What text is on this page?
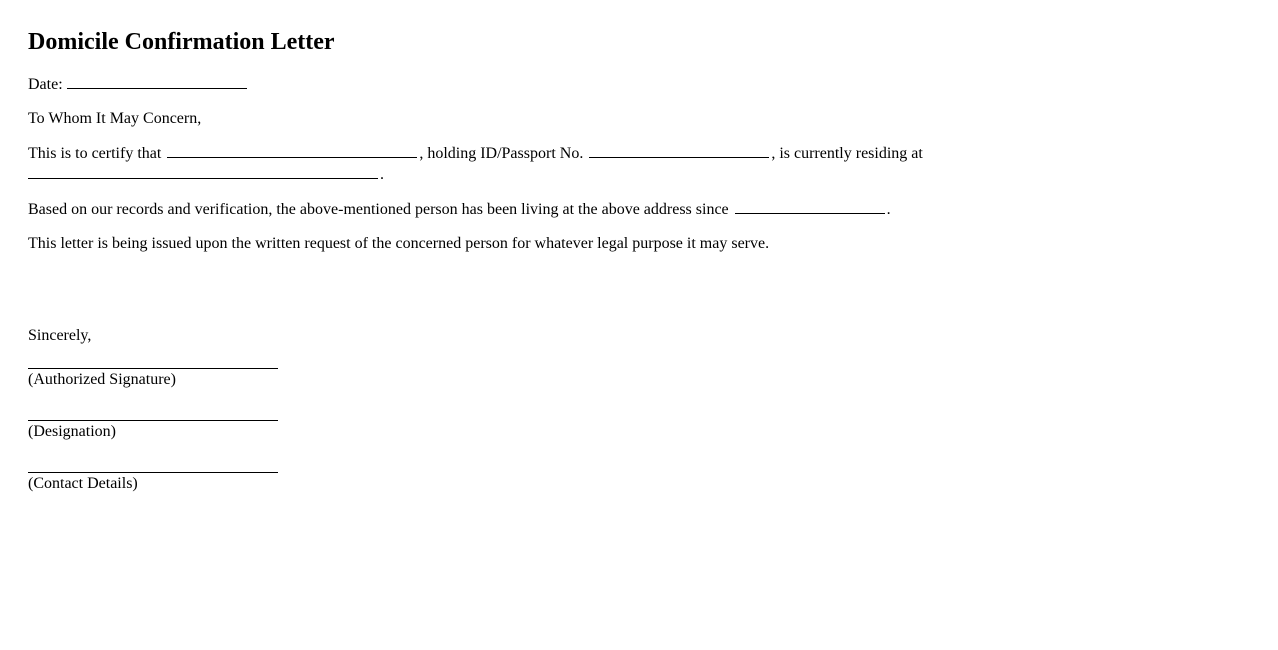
Domicile Confirmation Letter

Date:

To Whom It May Concern,

This is to certify that	, holding ID/Passport No.	, is currently residing at
.

Based on our records and verification, the above-mentioned person has been living at the above address since	.

This letter is being issued upon the written request of the concerned person for whatever legal purpose it may serve.

Sincerely,

(Authorized Signature)
(Designation)
(Contact Details)
